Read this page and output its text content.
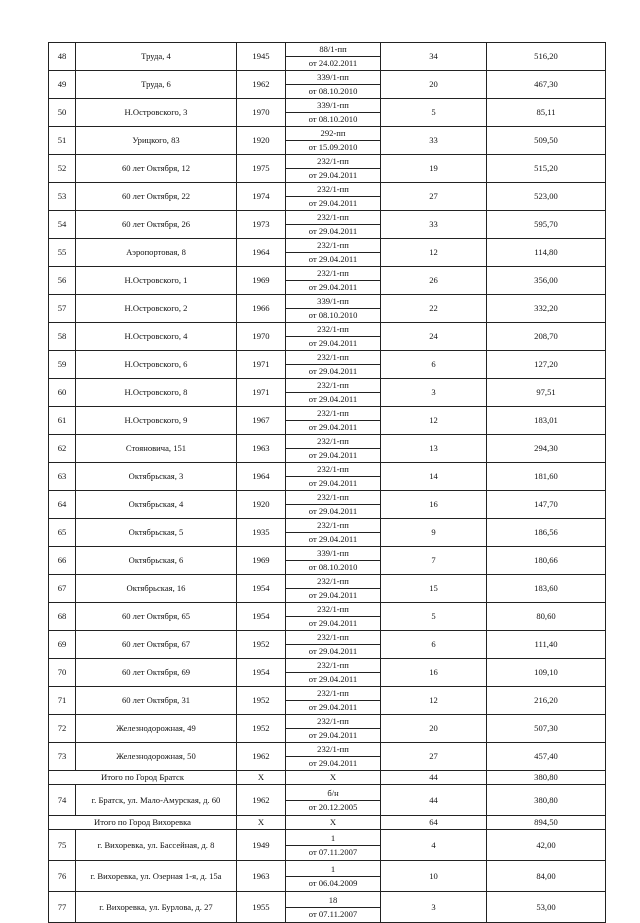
48	Труда, 4	1945	88/1-пп
от 24.02.2011	34	516,20
49	Труда, 6	1962	339/1-пп
от 08.10.2010	20	467,30
50	Н.Островского, 3	1970	339/1-пп
от 08.10.2010	5	85,11
51	Урицкого, 83	1920	292-пп
от 15.09.2010	33	509,50
52	60 лет Октября, 12	1975	232/1-пп
от 29.04.2011	19	515,20
53	60 лет Октября, 22	1974	232/1-пп
от 29.04.2011	27	523,00
54	60 лет Октября, 26	1973	232/1-пп
от 29.04.2011	33	595,70
55	Аэропортовая, 8	1964	232/1-пп
от 29.04.2011	12	114,80
56	Н.Островского, 1	1969	232/1-пп
от 29.04.2011	26	356,00
57	Н.Островского, 2	1966	339/1-пп
от 08.10.2010	22	332,20
58	Н.Островского, 4	1970	232/1-пп
от 29.04.2011	24	208,70
59	Н.Островского, 6	1971	232/1-пп
от 29.04.2011	6	127,20
60	Н.Островского, 8	1971	232/1-пп
от 29.04.2011	3	97,51
61	Н.Островского, 9	1967	232/1-пп
от 29.04.2011	12	183,01
62	Стояновича, 151	1963	232/1-пп
от 29.04.2011	13	294,30
63	Октябрьская, 3	1964	232/1-пп
от 29.04.2011	14	181,60
64	Октябрьская, 4	1920	232/1-пп
от 29.04.2011	16	147,70
65	Октябрьская, 5	1935	232/1-пп
от 29.04.2011	9	186,56
66	Октябрьская, 6	1969	339/1-пп
от 08.10.2010	7	180,66
67	Октябрьская, 16	1954	232/1-пп
от 29.04.2011	15	183,60
68	60 лет Октября, 65	1954	232/1-пп
от 29.04.2011	5	80,60
69	60 лет Октября, 67	1952	232/1-пп
от 29.04.2011	6	111,40
70	60 лет Октября, 69	1954	232/1-пп
от 29.04.2011	16	109,10
71	60 лет Октября, 31	1952	232/1-пп
от 29.04.2011	12	216,20
72	Железнодорожная, 49	1952	232/1-пп
от 29.04.2011	20	507,30
73	Железнодорожная, 50	1962	232/1-пп
от 29.04.2011	27	457,40
Итого по Город Братск		X	X	44	380,80
74	г. Братск, ул. Мало-Амурская, д. 60	1962	б/н
от 20.12.2005	44	380,80
Итого по Город Вихоревка		X	X	64	894,50
75	г. Вихоревка, ул. Бассейная, д. 8	1949	1
от 07.11.2007	4	42,00
76	г. Вихоревка, ул. Озерная 1-я, д. 15а	1963	1
от 06.04.2009	10	84,00
77	г. Вихоревка, ул. Бурлова, д. 27	1955	18
от 07.11.2007	3	53,00
